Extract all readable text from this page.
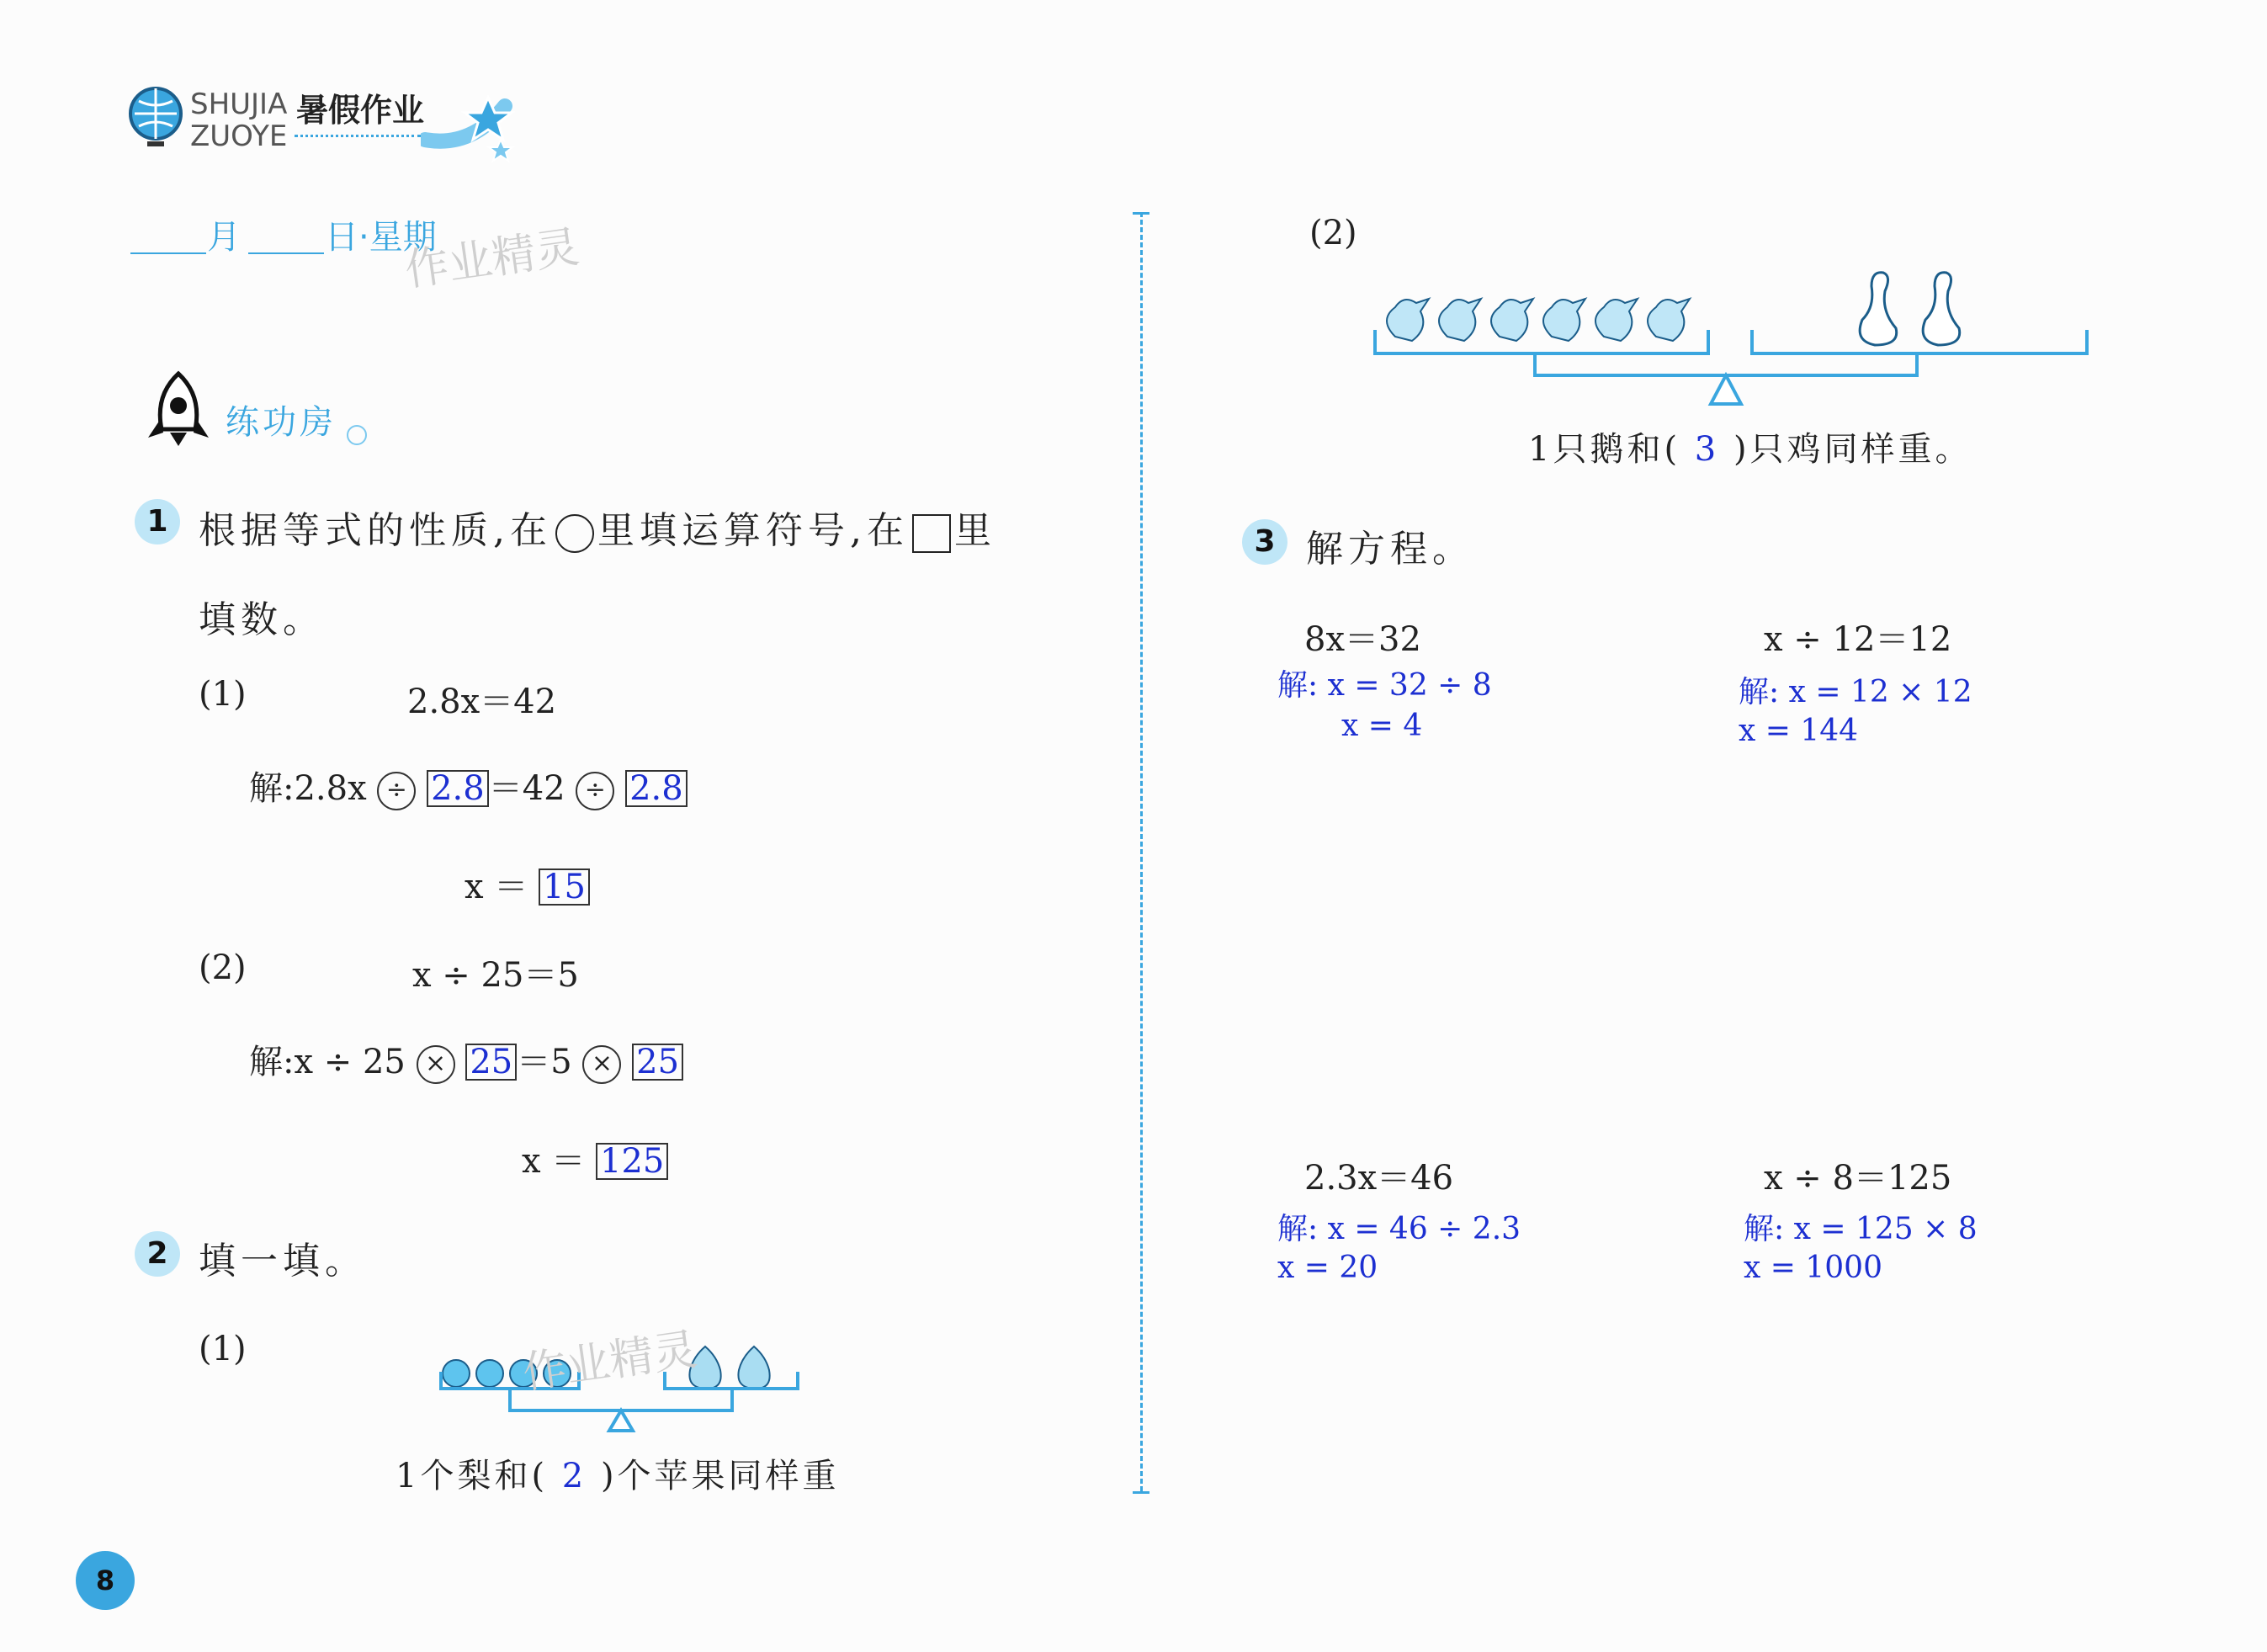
SHUJIA 暑假作业
ZUOYE
月	日·星期
作业精灵
练功房
1 根据等式的性质,在 里填运算符号,在 里
填数。
(1)	2.8x＝42
解:2.8x ÷ 2.8 ＝42 ÷ 2.8
x ＝ 15
(2)	x ÷ 25＝5
解:x ÷ 25 × 25 ＝5 × 25
x ＝ 125
2 填一填。
(1)
1个梨和( 2 )个苹果同样重
作业精灵
(2)
1只鹅和( 3 )只鸡同样重。
3 解方程。
8x＝32
解: x = 32 ÷ 8
x = 4
x ÷ 12＝12
解: x = 12 × 12
x = 144
2.3x＝46
解: x = 46 ÷ 2.3
x = 20
x ÷ 8＝125
解: x = 125 × 8
x = 1000
8
